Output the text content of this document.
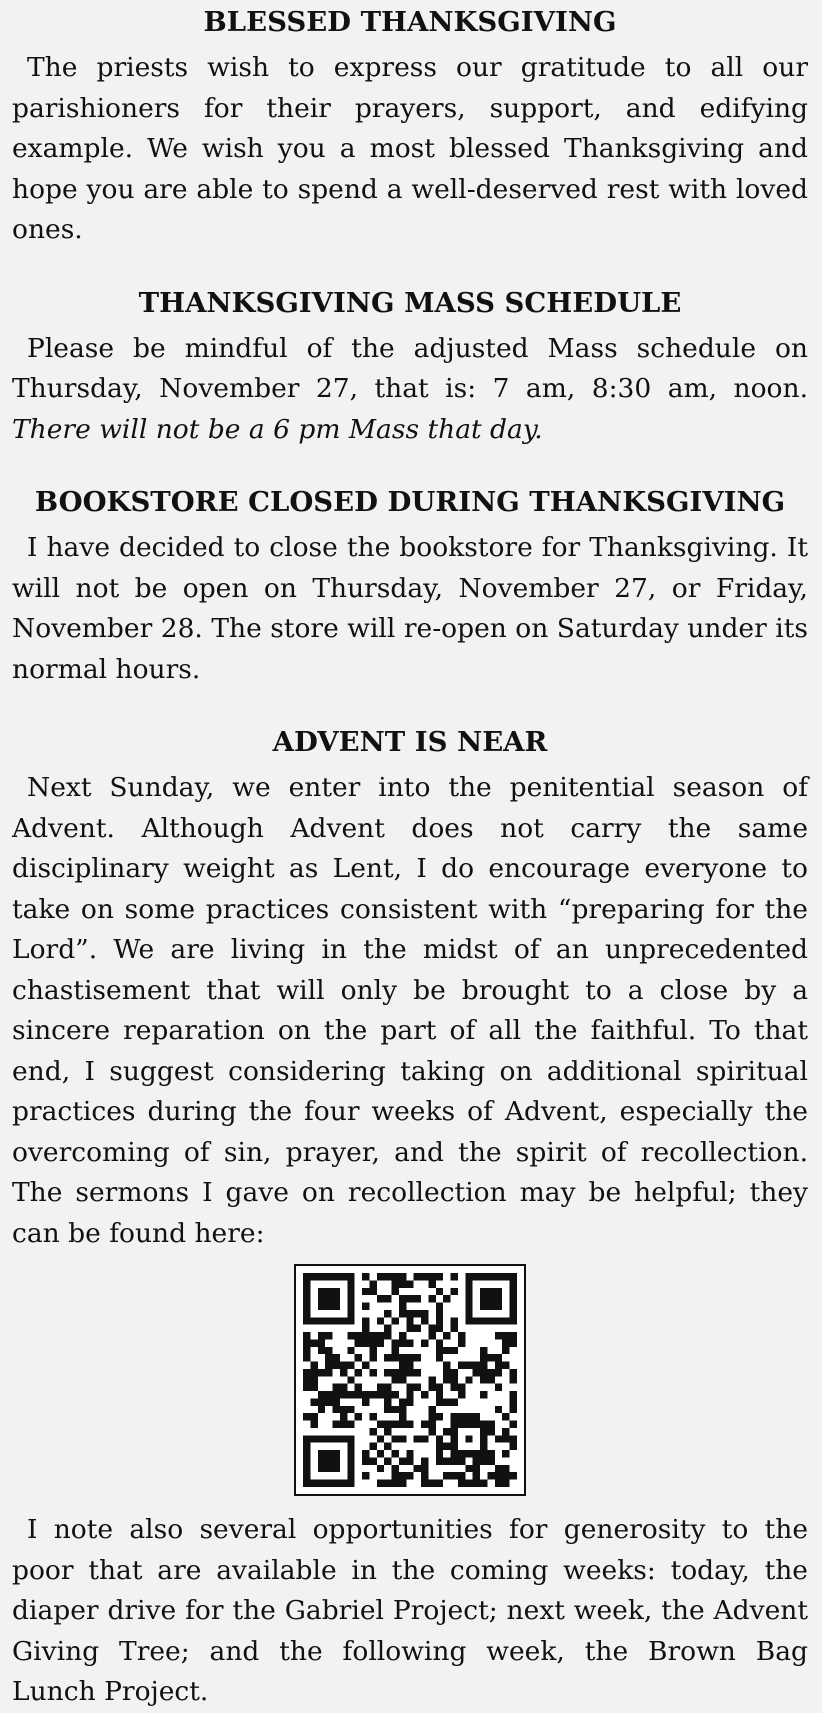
BLESSED THANKSGIVING

The priests wish to express our gratitude to all our parishioners for their prayers, support, and edifying example. We wish you a most blessed Thanksgiving and hope you are able to spend a well-deserved rest with loved ones.

THANKSGIVING MASS SCHEDULE

Please be mindful of the adjusted Mass schedule on Thursday, November 27, that is: 7 am, 8:30 am, noon. There will not be a 6 pm Mass that day.

BOOKSTORE CLOSED DURING THANKSGIVING

I have decided to close the bookstore for Thanksgiving. It will not be open on Thursday, November 27, or Friday, November 28. The store will re-open on Saturday under its normal hours.

ADVENT IS NEAR

Next Sunday, we enter into the penitential season of Advent. Although Advent does not carry the same disciplinary weight as Lent, I do encourage everyone to take on some practices consistent with “preparing for the Lord”. We are living in the midst of an unprecedented chastisement that will only be brought to a close by a sincere reparation on the part of all the faithful. To that end, I suggest considering taking on additional spiritual practices during the four weeks of Advent, especially the overcoming of sin, prayer, and the spirit of recollection. The sermons I gave on recollection may be helpful; they can be found here:

I note also several opportunities for generosity to the poor that are available in the coming weeks: today, the diaper drive for the Gabriel Project; next week, the Advent Giving Tree; and the following week, the Brown Bag Lunch Project.
